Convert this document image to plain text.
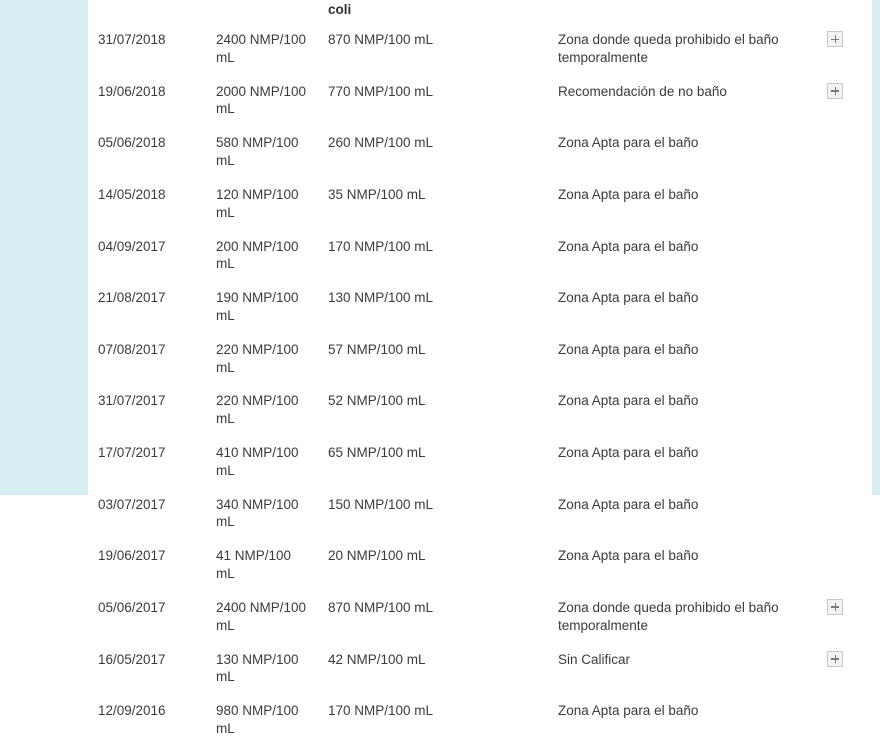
		coli		
31/07/2018	2400 NMP/100 mL	870 NMP/100 mL	Zona donde queda prohibido el baño temporalmente	
19/06/2018	2000 NMP/100 mL	770 NMP/100 mL	Recomendación de no baño	
05/06/2018	580 NMP/100 mL	260 NMP/100 mL	Zona Apta para el baño	
14/05/2018	120 NMP/100 mL	35 NMP/100 mL	Zona Apta para el baño	
04/09/2017	200 NMP/100 mL	170 NMP/100 mL	Zona Apta para el baño	
21/08/2017	190 NMP/100 mL	130 NMP/100 mL	Zona Apta para el baño	
07/08/2017	220 NMP/100 mL	57 NMP/100 mL	Zona Apta para el baño	
31/07/2017	220 NMP/100 mL	52 NMP/100 mL	Zona Apta para el baño	
17/07/2017	410 NMP/100 mL	65 NMP/100 mL	Zona Apta para el baño	
03/07/2017	340 NMP/100 mL	150 NMP/100 mL	Zona Apta para el baño	
19/06/2017	41 NMP/100 mL	20 NMP/100 mL	Zona Apta para el baño	
05/06/2017	2400 NMP/100 mL	870 NMP/100 mL	Zona donde queda prohibido el baño temporalmente	
16/05/2017	130 NMP/100 mL	42 NMP/100 mL	Sin Calificar	
12/09/2016	980 NMP/100 mL	170 NMP/100 mL	Zona Apta para el baño	
